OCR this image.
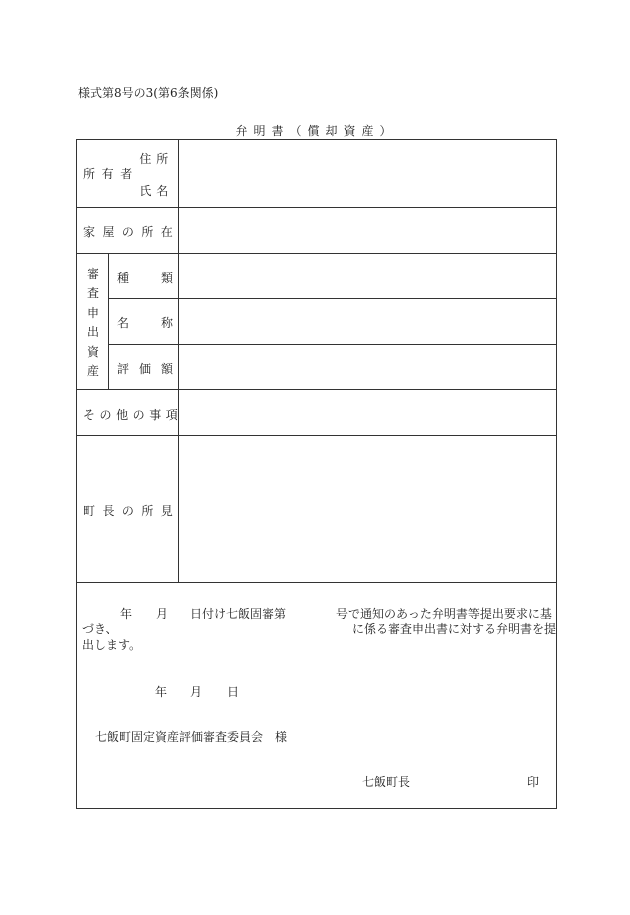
様式第8号の3(第6条関係)
弁明書（償却資産）
住所
所有者
氏名
家屋の所在
審
査
申
出
資
産
種	類
名	称
評 価 額
その他の事項
町長の所見
年 月 日付け七飯固審第	号で通知のあった弁明書等提出要求に基
づき、	に係る審査申出書に対する弁明書を提
出します。
年 月 日
七飯町固定資産評価審査委員会　様
七飯町長	印
